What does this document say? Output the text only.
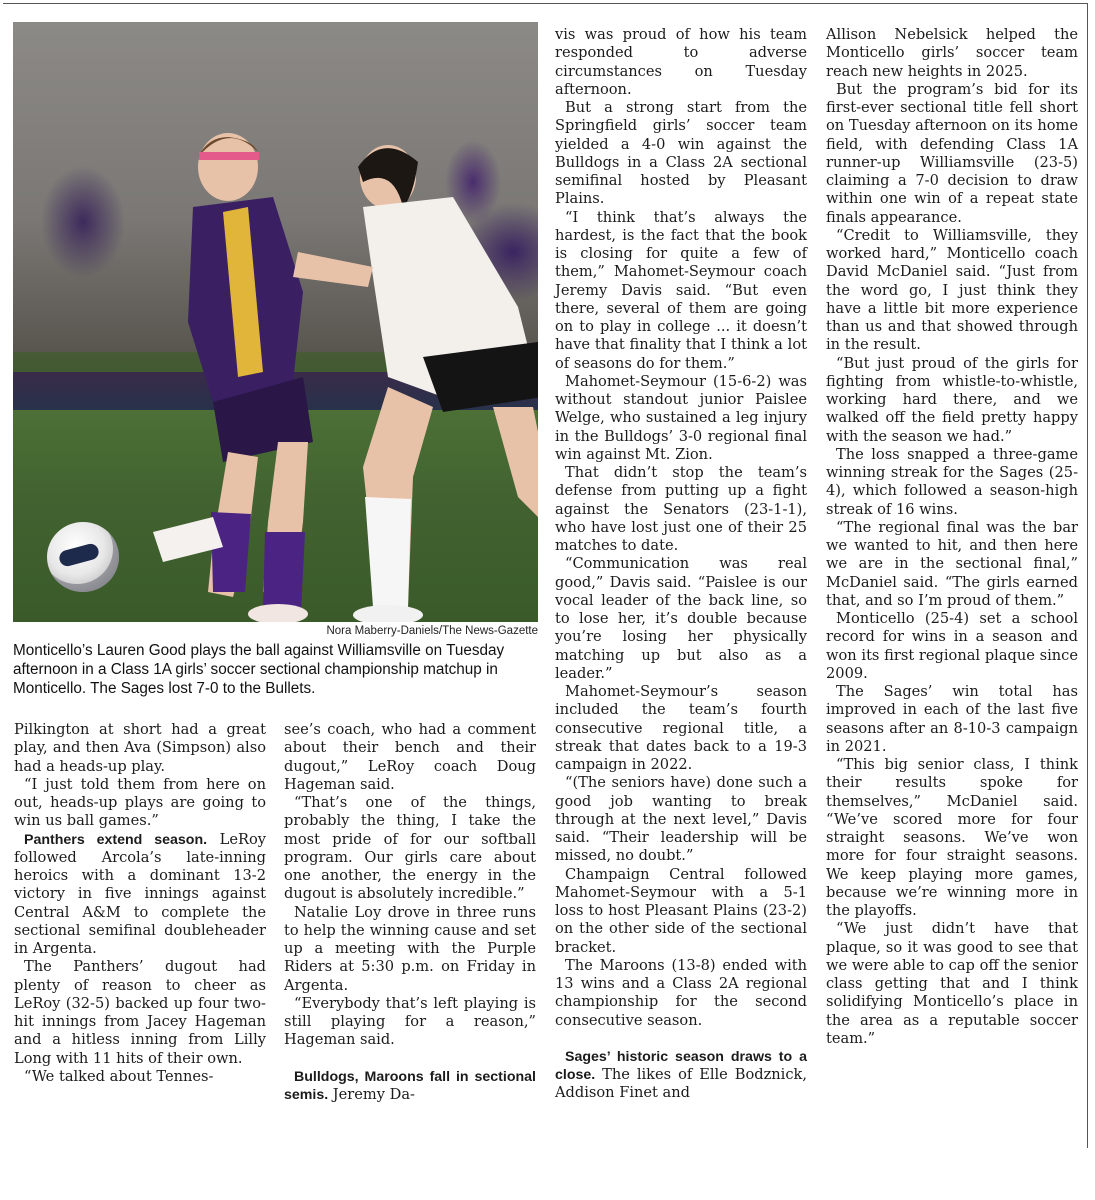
Nora Maberry-Daniels/The News-Gazette

Monticello’s Lauren Good plays the ball against Williamsville on Tuesday afternoon in a Class 1A girls’ soccer sectional championship matchup in Monticello. The Sages lost 7-0 to the Bullets.

Pilkington at short had a great play, and then Ava (Simpson) also had a heads-up play.

“I just told them from here on out, heads-up plays are going to win us ball games.”

Panthers extend season. LeRoy followed Arcola’s late-inning heroics with a dominant 13-2 victory in five innings against Central A&M to complete the sectional semifinal doubleheader in Argenta.

The Panthers’ dugout had plenty of reason to cheer as LeRoy (32-5) backed up four two-hit innings from Jacey Hageman and a hitless inning from Lilly Long with 11 hits of their own.

“We talked about Tennes-

see’s coach, who had a comment about their bench and their dugout,” LeRoy coach Doug Hageman said.

“That’s one of the things, probably the thing, I take the most pride of for our softball program. Our girls care about one another, the energy in the dugout is absolutely incredible.”

Natalie Loy drove in three runs to help the winning cause and set up a meeting with the Purple Riders at 5:30 p.m. on Friday in Argenta.

“Everybody that’s left playing is still playing for a reason,” Hageman said.

Bulldogs, Maroons fall in sectional semis. Jeremy Da-

vis was proud of how his team responded to adverse circumstances on Tuesday afternoon.

But a strong start from the Springfield girls’ soccer team yielded a 4-0 win against the Bulldogs in a Class 2A sectional semifinal hosted by Pleasant Plains.

“I think that’s always the hardest, is the fact that the book is closing for quite a few of them,” Mahomet-Seymour coach Jeremy Davis said. “But even there, several of them are going on to play in college ... it doesn’t have that finality that I think a lot of seasons do for them.”

Mahomet-Seymour (15-6-2) was without standout junior Paislee Welge, who sustained a leg injury in the Bulldogs’ 3-0 regional final win against Mt. Zion.

That didn’t stop the team’s defense from putting up a fight against the Senators (23-1-1), who have lost just one of their 25 matches to date.

“Communication was real good,” Davis said. “Paislee is our vocal leader of the back line, so to lose her, it’s double because you’re losing her physically matching up but also as a leader.”

Mahomet-Seymour’s season included the team’s fourth consecutive regional title, a streak that dates back to a 19-3 campaign in 2022.

“(The seniors have) done such a good job wanting to break through at the next level,” Davis said. “Their leadership will be missed, no doubt.”

Champaign Central followed Mahomet-Seymour with a 5-1 loss to host Pleasant Plains (23-2) on the other side of the sectional bracket.

The Maroons (13-8) ended with 13 wins and a Class 2A regional championship for the second consecutive season.

Sages’ historic season draws to a close. The likes of Elle Bodznick, Addison Finet and

Allison Nebelsick helped the Monticello girls’ soccer team reach new heights in 2025.

But the program’s bid for its first-ever sectional title fell short on Tuesday afternoon on its home field, with defending Class 1A runner-up Williamsville (23-5) claiming a 7-0 decision to draw within one win of a repeat state finals appearance.

“Credit to Williamsville, they worked hard,” Monticello coach David McDaniel said. “Just from the word go, I just think they have a little bit more experience than us and that showed through in the result.

“But just proud of the girls for fighting from whistle-to-whistle, working hard there, and we walked off the field pretty happy with the season we had.”

The loss snapped a three-game winning streak for the Sages (25-4), which followed a season-high streak of 16 wins.

“The regional final was the bar we wanted to hit, and then here we are in the sectional final,” McDaniel said. “The girls earned that, and so I’m proud of them.”

Monticello (25-4) set a school record for wins in a season and won its first regional plaque since 2009.

The Sages’ win total has improved in each of the last five seasons after an 8-10-3 campaign in 2021.

“This big senior class, I think their results spoke for themselves,” McDaniel said. “We’ve scored more for four straight seasons. We’ve won more for four straight seasons. We keep playing more games, because we’re winning more in the playoffs.

“We just didn’t have that plaque, so it was good to see that we were able to cap off the senior class getting that and I think solidifying Monticello’s place in the area as a reputable soccer team.”
